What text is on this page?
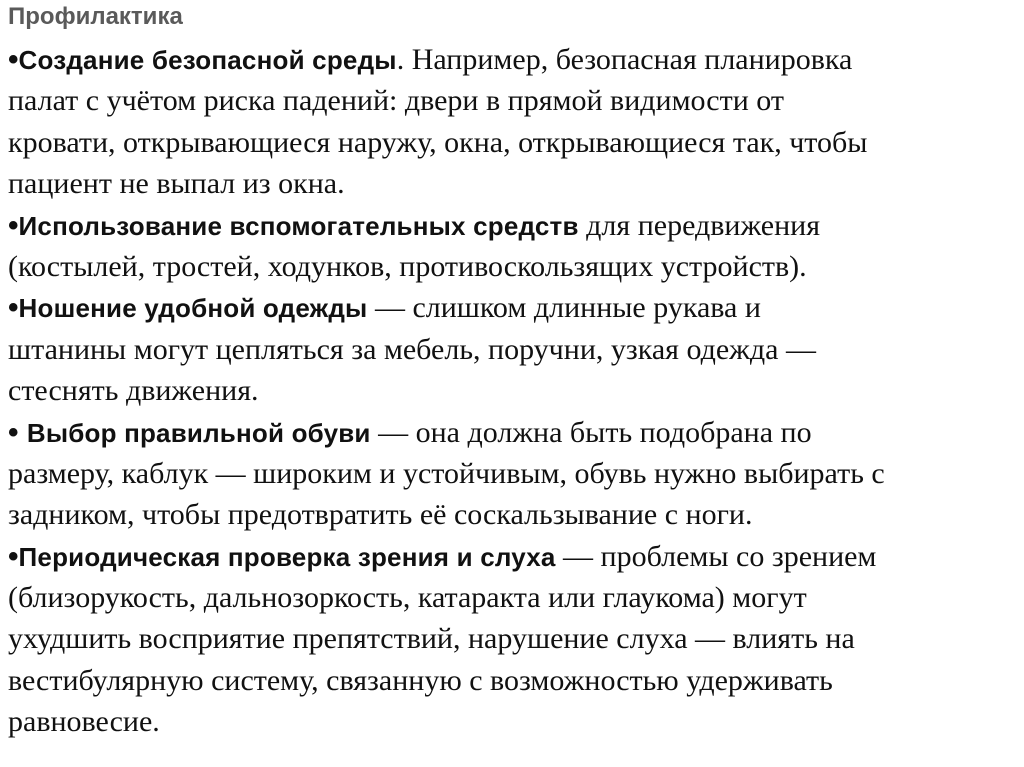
Профилактика
•Создание безопасной среды. Например, безопасная планировка
палат с учётом риска падений: двери в прямой видимости от
кровати, открывающиеся наружу, окна, открывающиеся так, чтобы
пациент не выпал из окна.
•Использование вспомогательных средств для передвижения
(костылей, тростей, ходунков, противоскользящих устройств).
•Ношение удобной одежды — слишком длинные рукава и
штанины могут цепляться за мебель, поручни, узкая одежда —
стеснять движения.
• Выбор правильной обуви — она должна быть подобрана по
размеру, каблук — широким и устойчивым, обувь нужно выбирать с
задником, чтобы предотвратить её соскальзывание с ноги.
•Периодическая проверка зрения и слуха — проблемы со зрением
(близорукость, дальнозоркость, катаракта или глаукома) могут
ухудшить восприятие препятствий, нарушение слуха — влиять на
вестибулярную систему, связанную с возможностью удерживать
равновесие.
